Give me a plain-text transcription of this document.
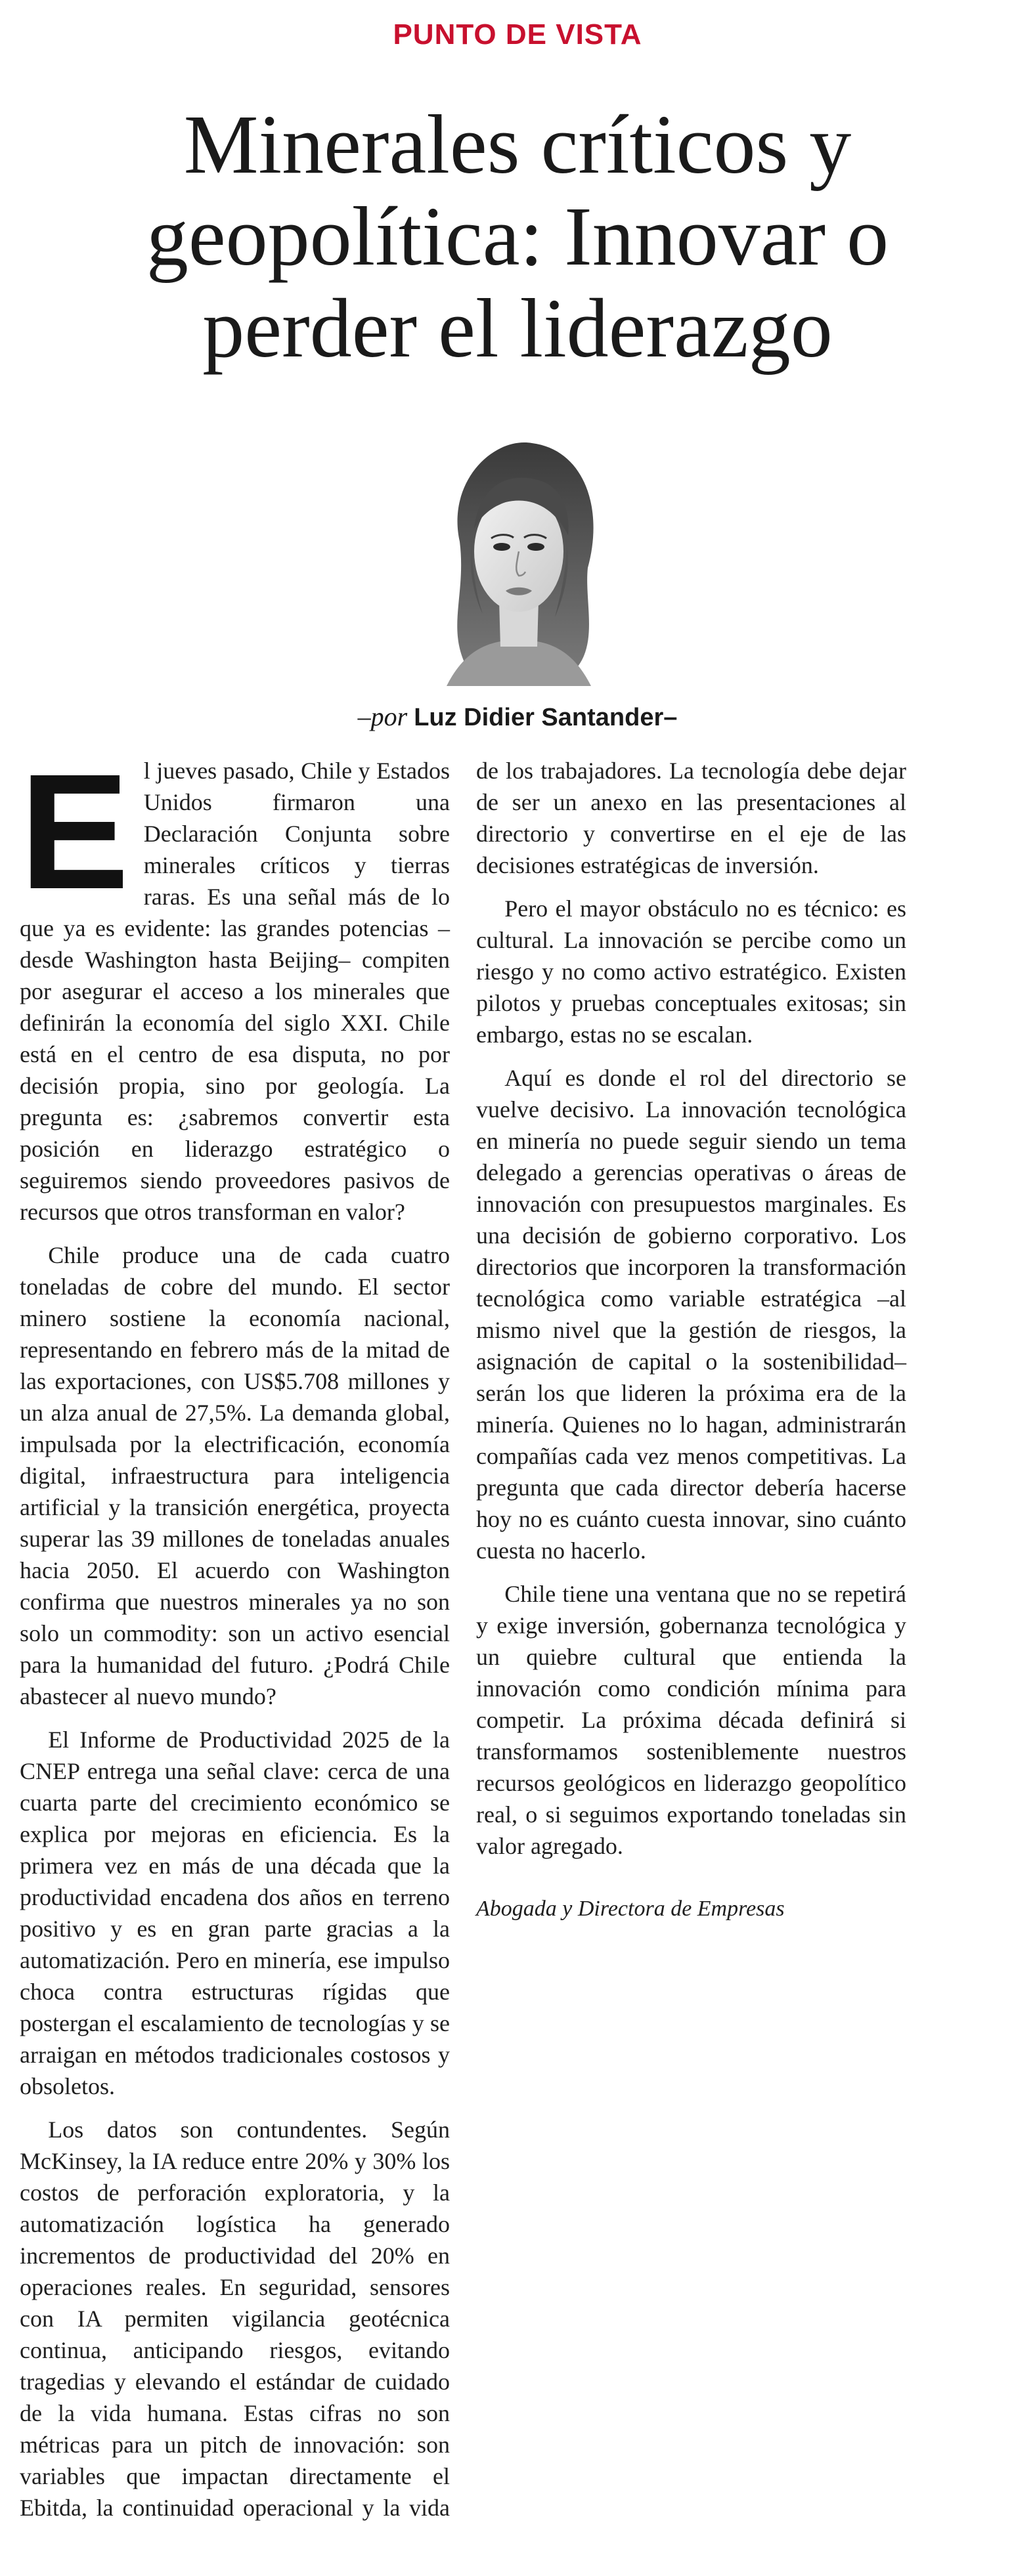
PUNTO DE VISTA
Minerales críticos y
geopolítica: Innovar o
perder el liderazgo
–por Luz Didier Santander–

El jueves pasado, Chile y Estados Unidos firmaron una Declaración Conjunta sobre minerales críticos y tierras raras. Es una señal más de lo que ya es evidente: las grandes potencias –desde Washington hasta Beijing– compiten por asegurar el acceso a los minerales que definirán la economía del siglo XXI. Chile está en el centro de esa disputa, no por decisión propia, sino por geología. La pregunta es: ¿sabremos convertir esta posición en liderazgo estratégico o seguiremos siendo proveedores pasivos de recursos que otros transforman en valor?

Chile produce una de cada cuatro toneladas de cobre del mundo. El sector minero sostiene la economía nacional, representando en febrero más de la mitad de las exportaciones, con US$5.708 millones y un alza anual de 27,5%. La demanda global, impulsada por la electrificación, economía digital, infraestructura para inteligencia artificial y la transición energética, proyecta superar las 39 millones de toneladas anuales hacia 2050. El acuerdo con Washington confirma que nuestros minerales ya no son solo un commodity: son un activo esencial para la humanidad del futuro. ¿Podrá Chile abastecer al nuevo mundo?

El Informe de Productividad 2025 de la CNEP entrega una señal clave: cerca de una cuarta parte del crecimiento económico se explica por mejoras en eficiencia. Es la primera vez en más de una década que la productividad encadena dos años en terreno positivo y es en gran parte gracias a la automatización. Pero en minería, ese impulso choca contra estructuras rígidas que postergan el escalamiento de tecnologías y se arraigan en métodos tradicionales costosos y obsoletos.

Los datos son contundentes. Según McKinsey, la IA reduce entre 20% y 30% los costos de perforación exploratoria, y la automatización logística ha generado incrementos de productividad del 20% en operaciones reales. En seguridad, sensores con IA permiten vigilancia geotécnica continua, anticipando riesgos, evitando tragedias y elevando el estándar de cuidado de la vida humana. Estas cifras no son métricas para un pitch de innovación: son variables que impactan directamente el Ebitda, la continuidad operacional y la vida de los trabajadores. La tecnología debe dejar de ser un anexo en las presentaciones al directorio y convertirse en el eje de las decisiones estratégicas de inversión.

Pero el mayor obstáculo no es técnico: es cultural. La innovación se percibe como un riesgo y no como activo estratégico. Existen pilotos y pruebas conceptuales exitosas; sin embargo, estas no se escalan.

Aquí es donde el rol del directorio se vuelve decisivo. La innovación tecnológica en minería no puede seguir siendo un tema delegado a gerencias operativas o áreas de innovación con presupuestos marginales. Es una decisión de gobierno corporativo. Los directorios que incorporen la transformación tecnológica como variable estratégica –al mismo nivel que la gestión de riesgos, la asignación de capital o la sostenibilidad– serán los que lideren la próxima era de la minería. Quienes no lo hagan, administrarán compañías cada vez menos competitivas. La pregunta que cada director debería hacerse hoy no es cuánto cuesta innovar, sino cuánto cuesta no hacerlo.

Chile tiene una ventana que no se repetirá y exige inversión, gobernanza tecnológica y un quiebre cultural que entienda la innovación como condición mínima para competir. La próxima década definirá si transformamos sosteniblemente nuestros recursos geológicos en liderazgo geopolítico real, o si seguimos exportando toneladas sin valor agregado.

Abogada y Directora de Empresas
